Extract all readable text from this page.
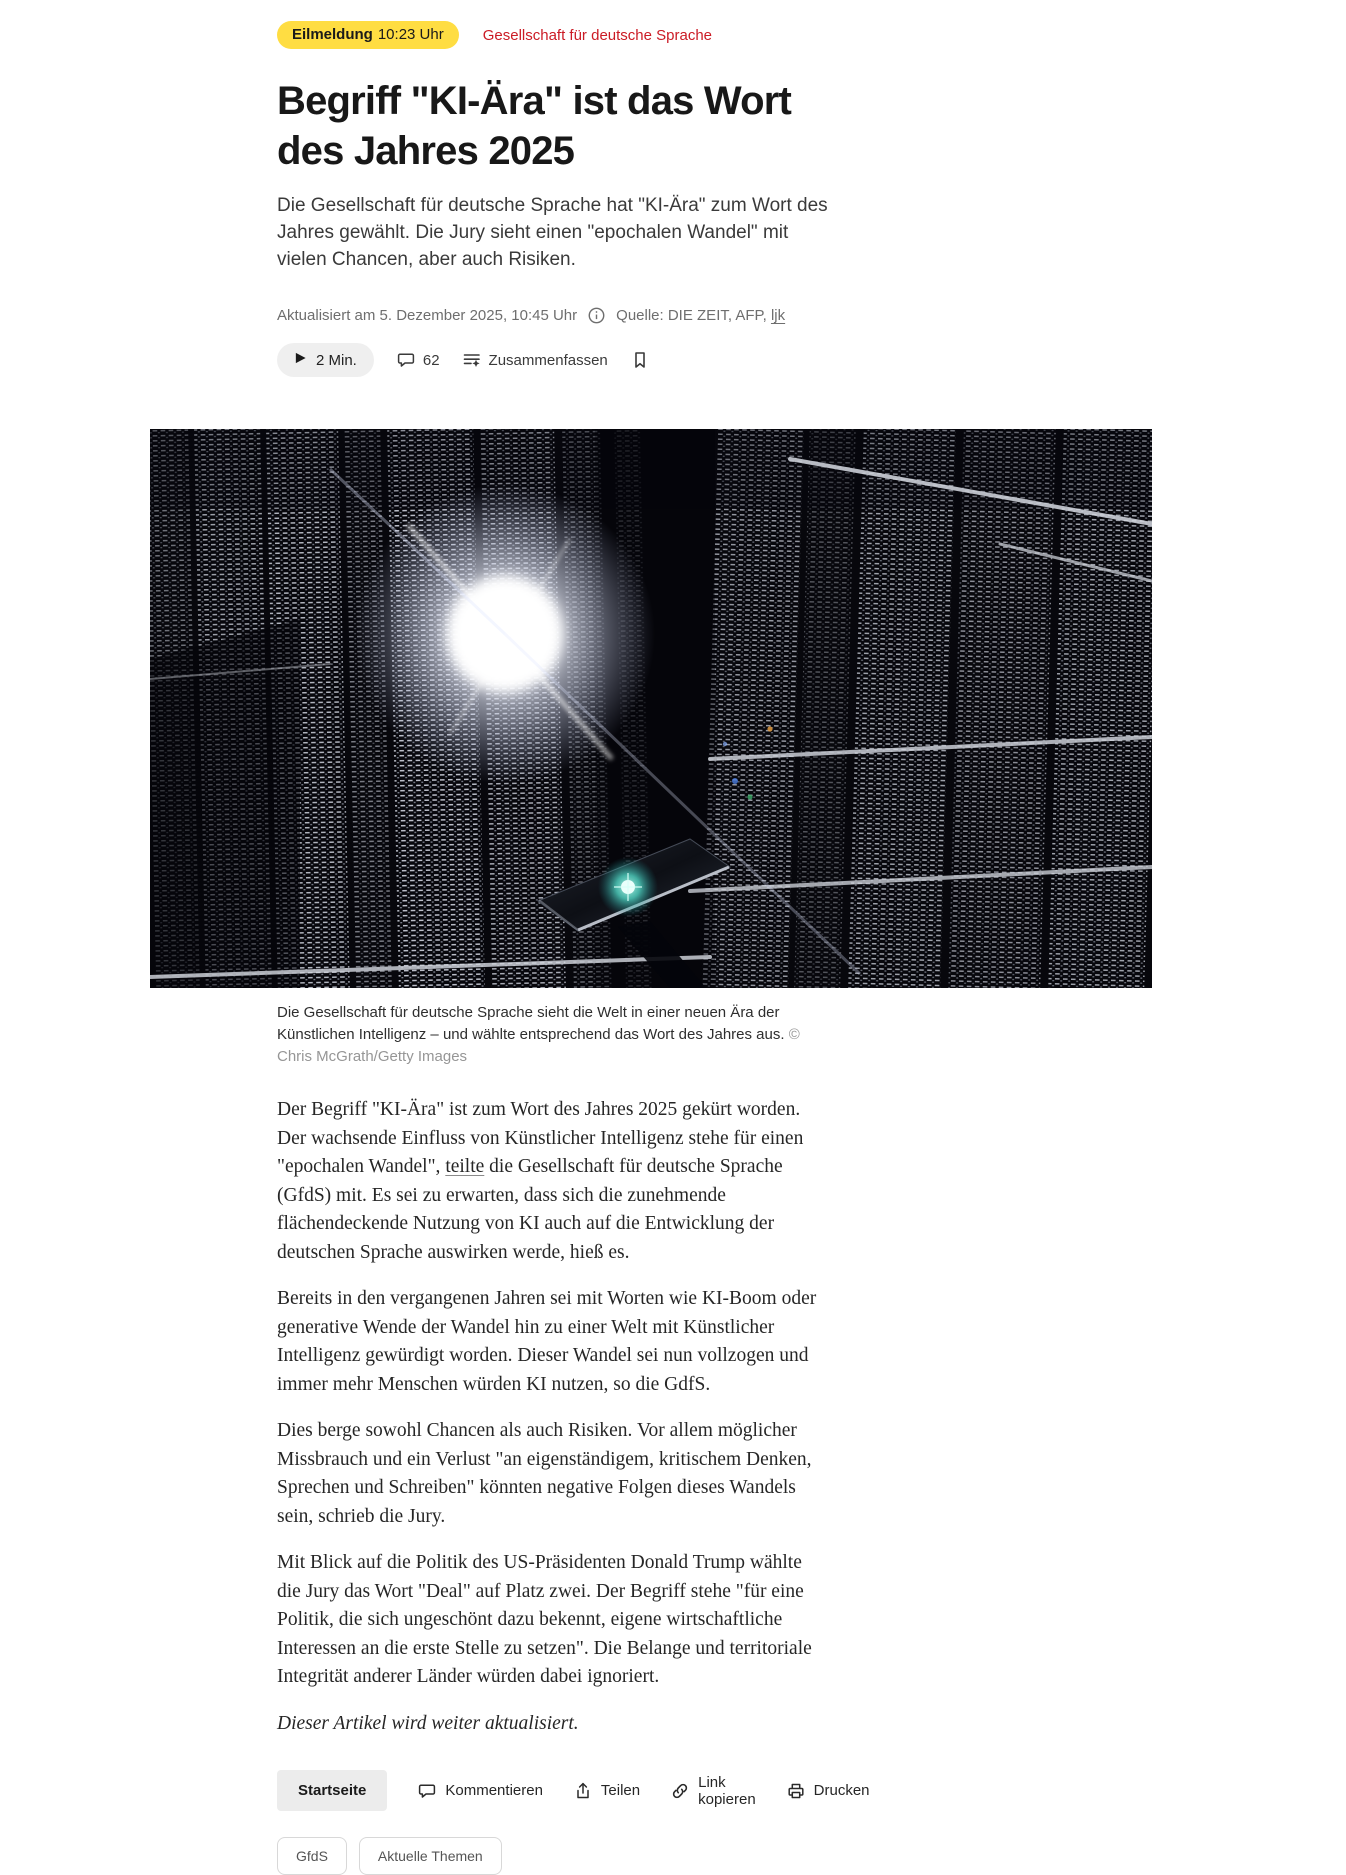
Eilmeldung 10:23 Uhr	Gesellschaft für deutsche Sprache
Begriff "KI-Ära" ist das Wort des Jahres 2025
Die Gesellschaft für deutsche Sprache hat "KI-Ära" zum Wort des Jahres gewählt. Die Jury sieht einen "epochalen Wandel" mit vielen Chancen, aber auch Risiken.
Aktualisiert am 5. Dezember 2025, 10:45 Uhr	Quelle: DIE ZEIT, AFP, ljk
2 Min.	62	Zusammenfassen
Die Gesellschaft für deutsche Sprache sieht die Welt in einer neuen Ära der Künstlichen Intelligenz – und wählte entsprechend das Wort des Jahres aus. © Chris McGrath/Getty Images

Der Begriff "KI-Ära" ist zum Wort des Jahres 2025 gekürt worden. Der wachsende Einfluss von Künstlicher Intelligenz stehe für einen "epochalen Wandel", teilte die Gesellschaft für deutsche Sprache (GfdS) mit. Es sei zu erwarten, dass sich die zunehmende flächendeckende Nutzung von KI auch auf die Entwicklung der deutschen Sprache auswirken werde, hieß es.

Bereits in den vergangenen Jahren sei mit Worten wie KI-Boom oder generative Wende der Wandel hin zu einer Welt mit Künstlicher Intelligenz gewürdigt worden. Dieser Wandel sei nun vollzogen und immer mehr Menschen würden KI nutzen, so die GdfS.

Dies berge sowohl Chancen als auch Risiken. Vor allem möglicher Missbrauch und ein Verlust "an eigenständigem, kritischem Denken, Sprechen und Schreiben" könnten negative Folgen dieses Wandels sein, schrieb die Jury.

Mit Blick auf die Politik des US-Präsidenten Donald Trump wählte die Jury das Wort "Deal" auf Platz zwei. Der Begriff stehe "für eine Politik, die sich ungeschönt dazu bekennt, eigene wirtschaftliche Interessen an die erste Stelle zu setzen". Die Belange und territoriale Integrität anderer Länder würden dabei ignoriert.

Dieser Artikel wird weiter aktualisiert.

Startseite	Kommentieren	Teilen	Link kopieren	Drucken
GfdS	Aktuelle Themen
